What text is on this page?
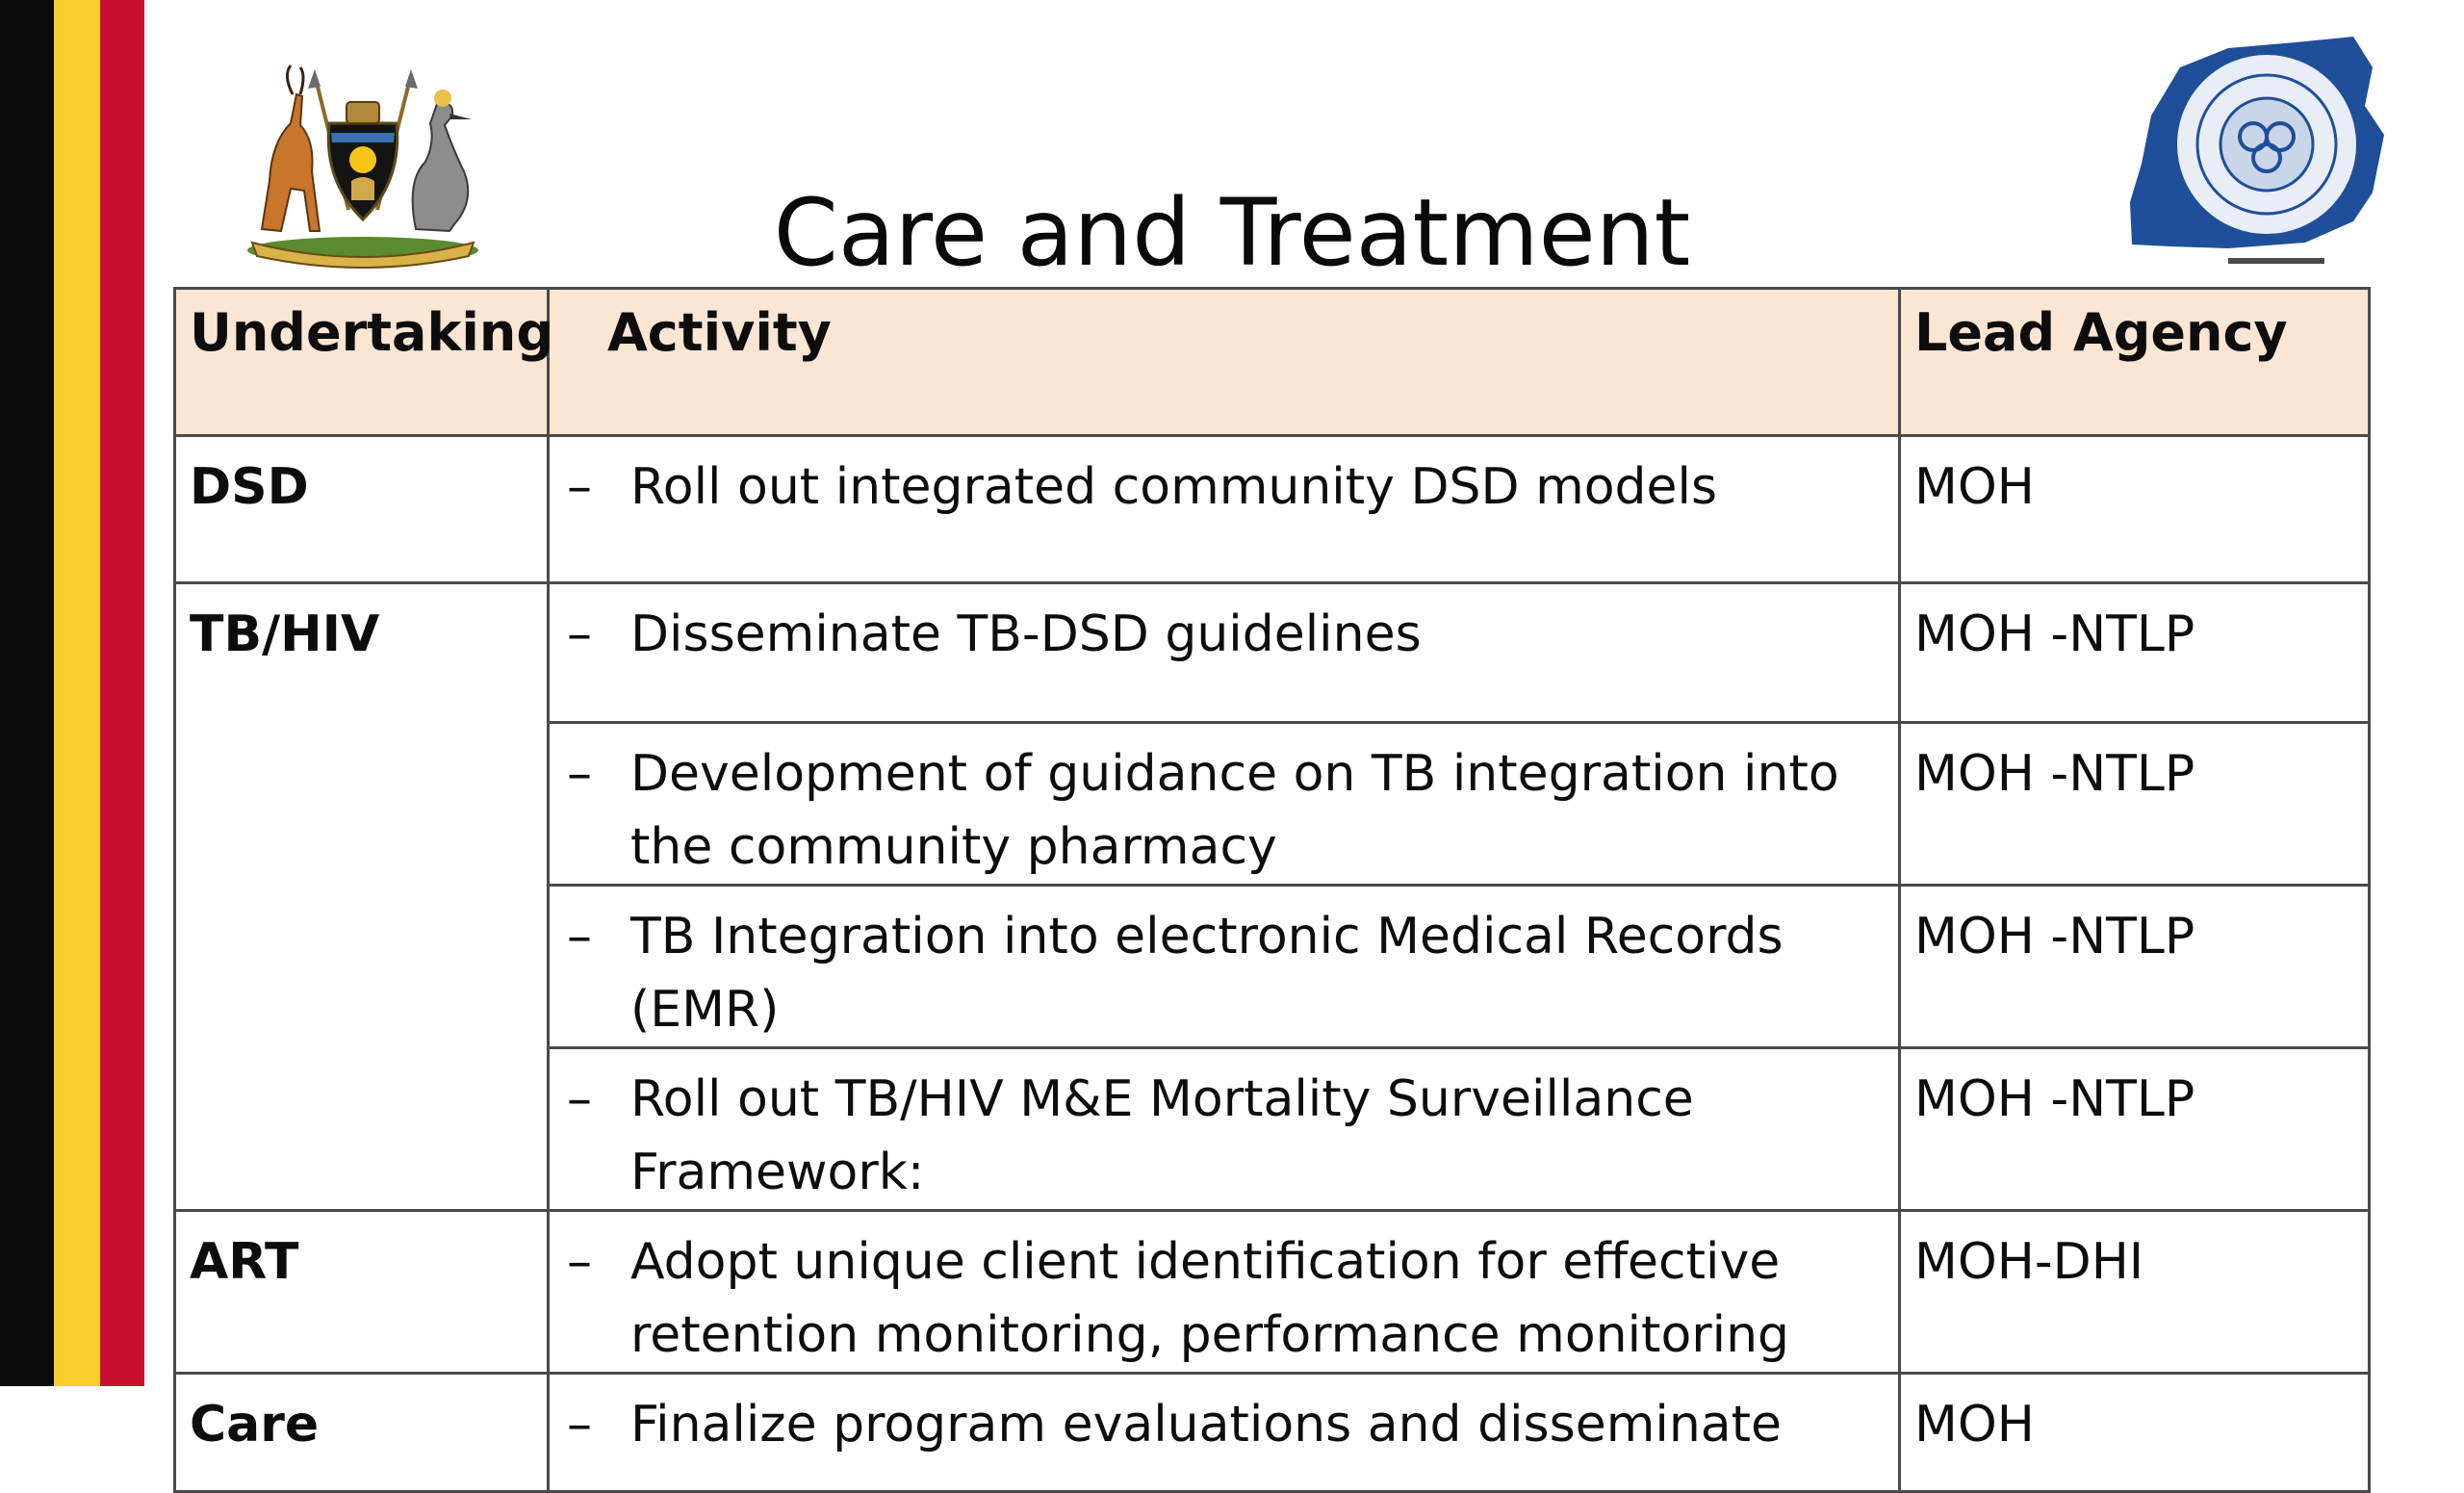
Care and Treatment
Undertaking	Activity	Lead Agency

DSD	– Roll out integrated community DSD models	MOH

TB/HIV	– Disseminate TB-DSD guidelines	MOH -NTLP

	– Development of guidance on TB integration into the community pharmacy	MOH -NTLP

	– TB Integration into electronic Medical Records (EMR)	MOH -NTLP

	– Roll out TB/HIV M&E Mortality Surveillance Framework:	MOH -NTLP

ART	– Adopt unique client identification for effective retention monitoring, performance monitoring	MOH-DHI

Care	– Finalize program evaluations and disseminate	MOH
